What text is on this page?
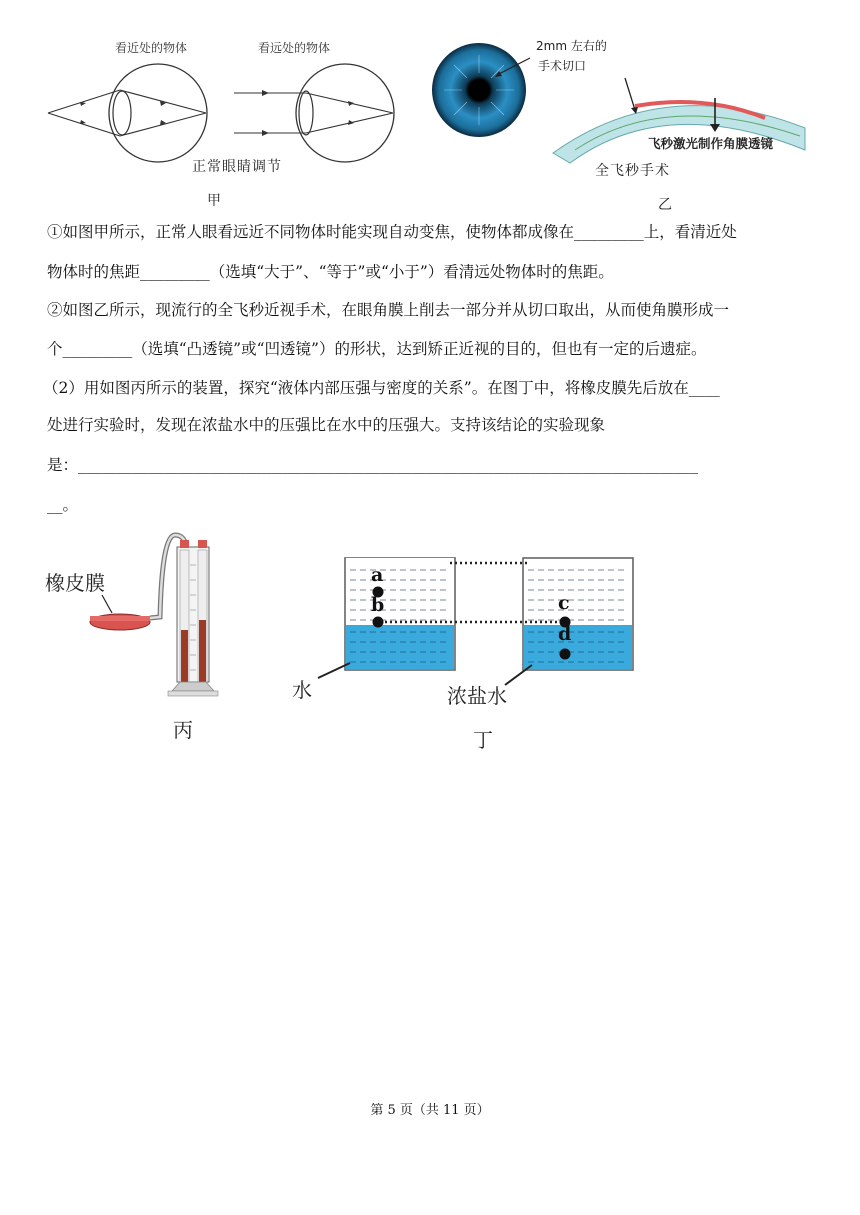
看近处的物体	看远处的物体
正常眼睛调节
甲
2mm 左右的
手术切口
飞秒激光制作角膜透镜
全飞秒手术
乙
①如图甲所示，正常人眼看远近不同物体时能实现自动变焦，使物体都成像在_________上，看清近处
物体时的焦距_________（选填“大于”、“等于”或“小于”）看清远处物体时的焦距。
②如图乙所示，现流行的全飞秒近视手术，在眼角膜上削去一部分并从切口取出，从而使角膜形成一
个_________（选填“凸透镜”或“凹透镜”）的形状，达到矫正近视的目的，但也有一定的后遗症。
（2）用如图丙所示的装置，探究“液体内部压强与密度的关系”。在图丁中，将橡皮膜先后放在____
处进行实验时，发现在浓盐水中的压强比在水中的压强大。支持该结论的实验现象
是：________________________________________________________________________________
__。
橡皮膜
丙
a
b	c
d
水	浓盐水
丁
第 5 页（共 11 页）
